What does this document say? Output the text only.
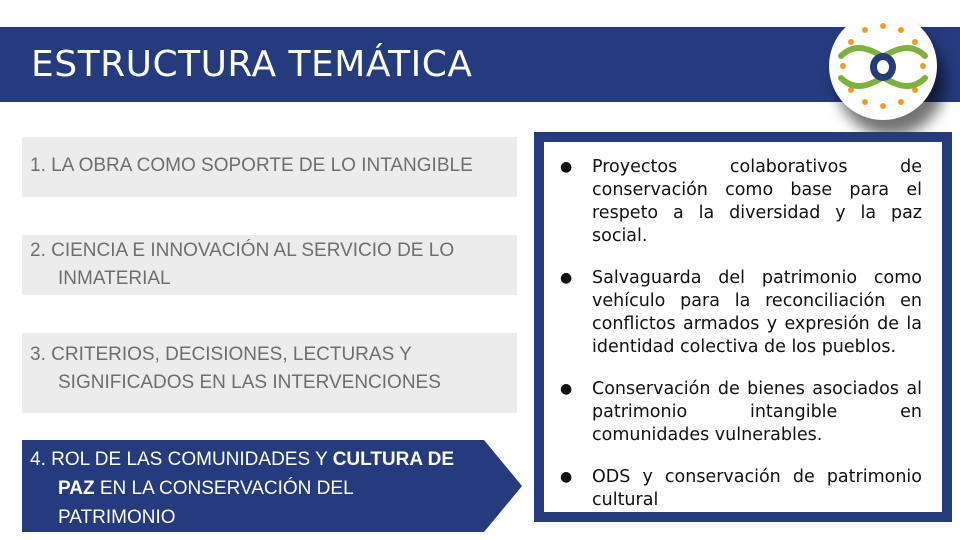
ESTRUCTURA TEMÁTICA
1. LA OBRA COMO SOPORTE DE LO INTANGIBLE
2. CIENCIA E INNOVACIÓN AL SERVICIO DE LO
INMATERIAL
3. CRITERIOS, DECISIONES, LECTURAS Y
SIGNIFICADOS EN LAS INTERVENCIONES
4. ROL DE LAS COMUNIDADES Y CULTURA DE
PAZ EN LA CONSERVACIÓN DEL
PATRIMONIO
● Proyectos colaborativos de conservación como base para el respeto a la diversidad y la paz social.
● Salvaguarda del patrimonio como vehículo para la reconciliación en conflictos armados y expresión de la identidad colectiva de los pueblos.
● Conservación de bienes asociados al patrimonio intangible en comunidades vulnerables.
● ODS y conservación de patrimonio cultural
